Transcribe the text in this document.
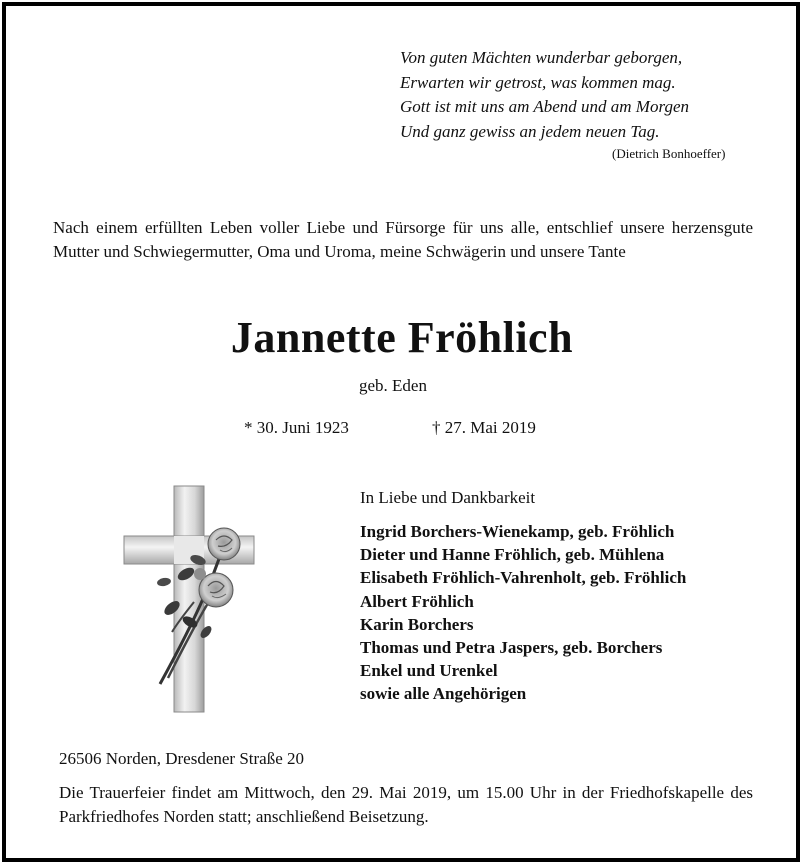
Von guten Mächten wunderbar geborgen,
Erwarten wir getrost, was kommen mag.
Gott ist mit uns am Abend und am Morgen
Und ganz gewiss an jedem neuen Tag.
(Dietrich Bonhoeffer)
Nach einem erfüllten Leben voller Liebe und Fürsorge für uns alle, entschlief unsere herzensgute Mutter und Schwiegermutter, Oma und Uroma, meine Schwägerin und unsere Tante
Jannette Fröhlich
geb. Eden
* 30. Juni 1923	† 27. Mai 2019
In Liebe und Dankbarkeit
Ingrid Borchers-Wienekamp, geb. Fröhlich
Dieter und Hanne Fröhlich, geb. Mühlena
Elisabeth Fröhlich-Vahrenholt, geb. Fröhlich
Albert Fröhlich
Karin Borchers
Thomas und Petra Jaspers, geb. Borchers
Enkel und Urenkel
sowie alle Angehörigen
26506 Norden, Dresdener Straße 20
Die Trauerfeier findet am Mittwoch, den 29. Mai 2019, um 15.00 Uhr in der Friedhofskapelle des Parkfriedhofes Norden statt; anschließend Beisetzung.
